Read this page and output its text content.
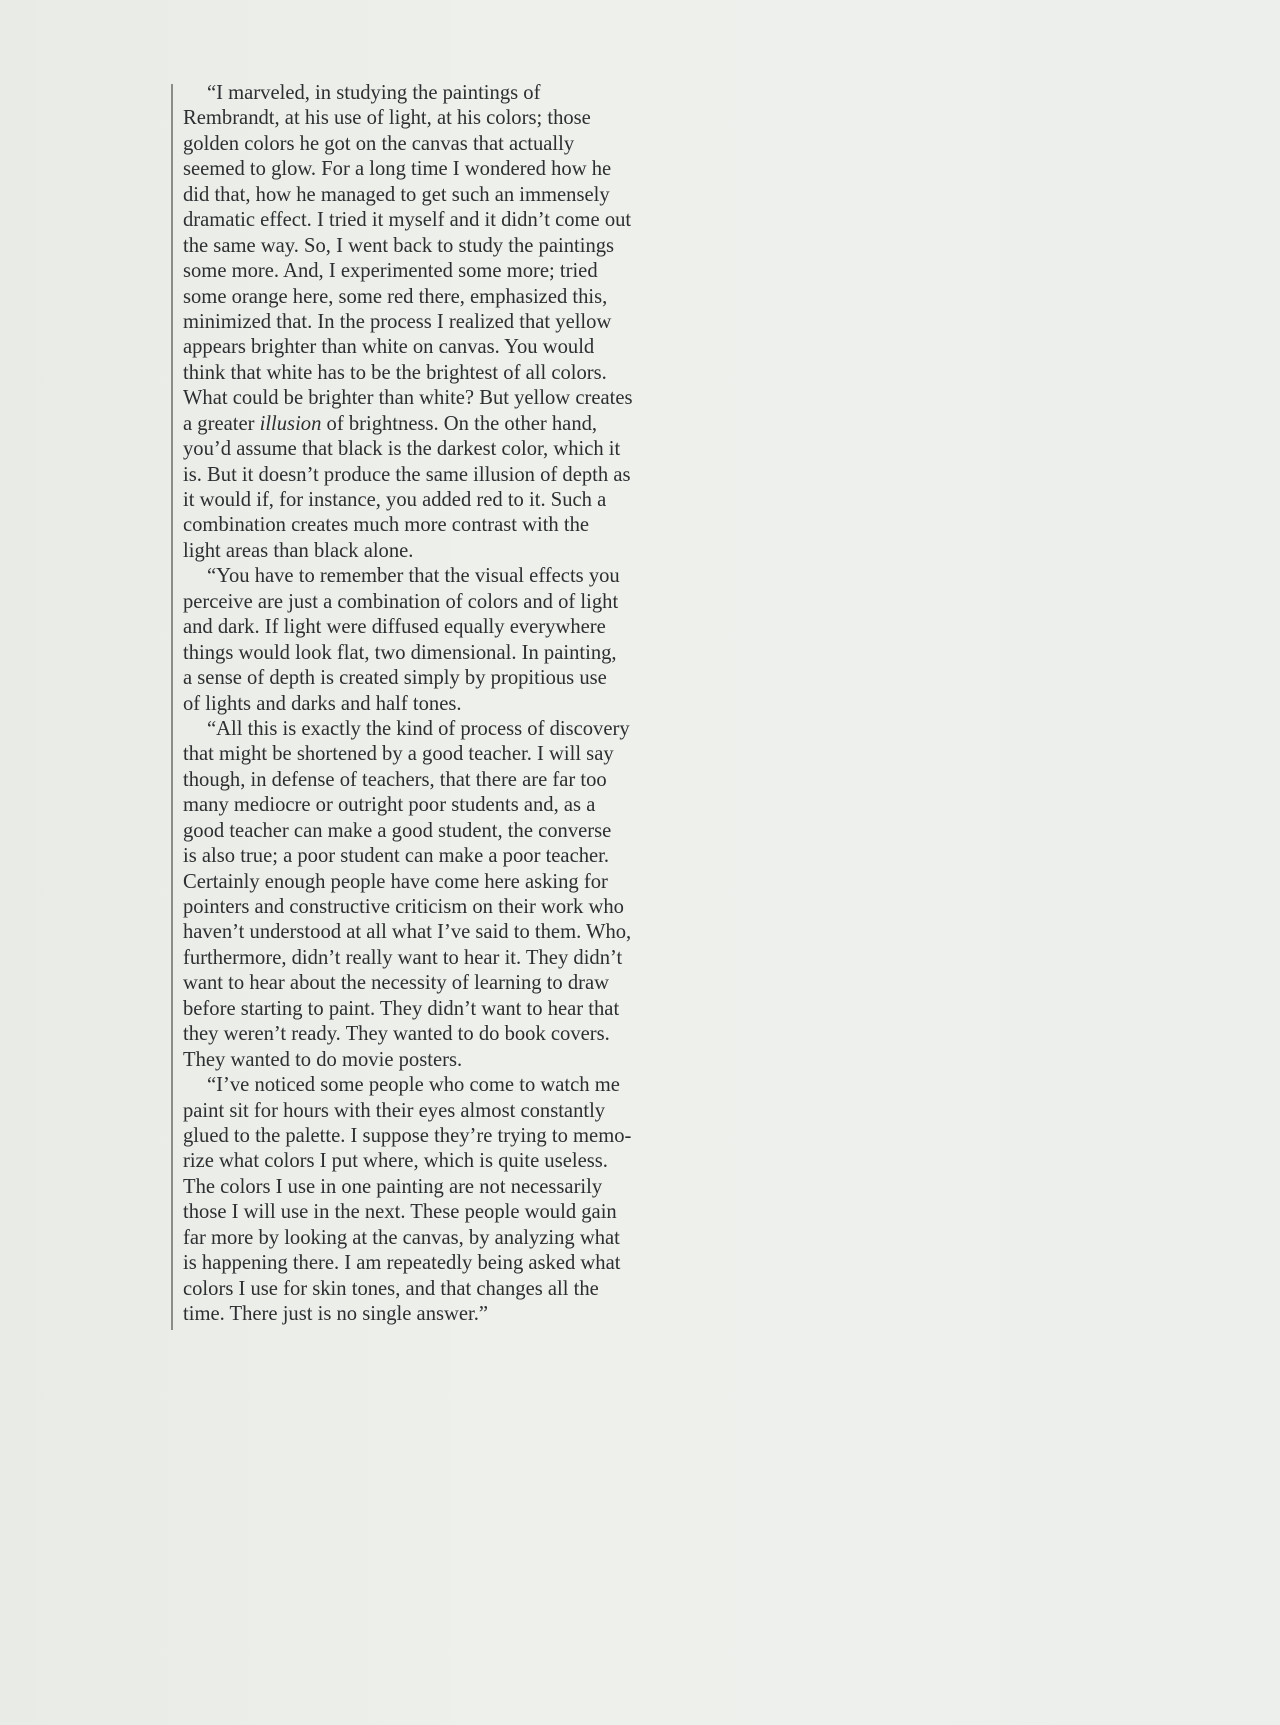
“I marveled, in studying the paintings of
Rembrandt, at his use of light, at his colors; those
golden colors he got on the canvas that actually
seemed to glow. For a long time I wondered how he
did that, how he managed to get such an immensely
dramatic effect. I tried it myself and it didn’t come out
the same way. So, I went back to study the paintings
some more. And, I experimented some more; tried
some orange here, some red there, emphasized this,
minimized that. In the process I realized that yellow
appears brighter than white on canvas. You would
think that white has to be the brightest of all colors.
What could be brighter than white? But yellow creates
a greater illusion of brightness. On the other hand,
you’d assume that black is the darkest color, which it
is. But it doesn’t produce the same illusion of depth as
it would if, for instance, you added red to it. Such a
combination creates much more contrast with the
light areas than black alone.
“You have to remember that the visual effects you
perceive are just a combination of colors and of light
and dark. If light were diffused equally everywhere
things would look flat, two dimensional. In painting,
a sense of depth is created simply by propitious use
of lights and darks and half tones.
“All this is exactly the kind of process of discovery
that might be shortened by a good teacher. I will say
though, in defense of teachers, that there are far too
many mediocre or outright poor students and, as a
good teacher can make a good student, the converse
is also true; a poor student can make a poor teacher.
Certainly enough people have come here asking for
pointers and constructive criticism on their work who
haven’t understood at all what I’ve said to them. Who,
furthermore, didn’t really want to hear it. They didn’t
want to hear about the necessity of learning to draw
before starting to paint. They didn’t want to hear that
they weren’t ready. They wanted to do book covers.
They wanted to do movie posters.
“I’ve noticed some people who come to watch me
paint sit for hours with their eyes almost constantly
glued to the palette. I suppose they’re trying to memo-
rize what colors I put where, which is quite useless.
The colors I use in one painting are not necessarily
those I will use in the next. These people would gain
far more by looking at the canvas, by analyzing what
is happening there. I am repeatedly being asked what
colors I use for skin tones, and that changes all the
time. There just is no single answer.”
